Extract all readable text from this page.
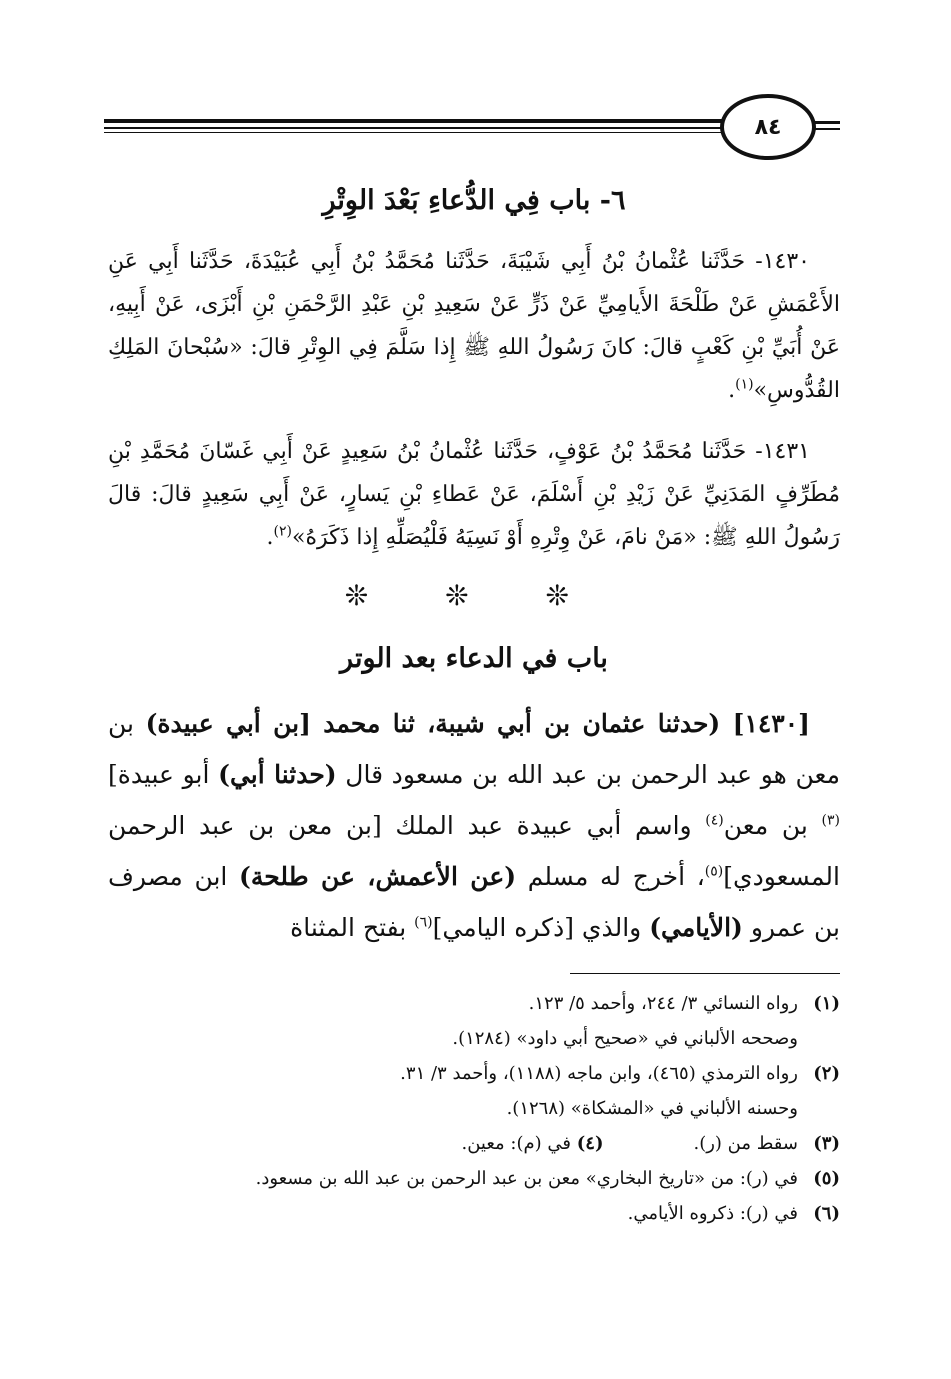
٨٤
٦- باب فِي الدُّعاءِ بَعْدَ الوِتْرِ
١٤٣٠- حَدَّثَنا عُثْمانُ بْنُ أَبِي شَيْبَةَ، حَدَّثَنا مُحَمَّدُ بْنُ أَبِي عُبَيْدَةَ، حَدَّثَنا أَبِي عَنِ الأَعْمَشِ عَنْ طَلْحَةَ الأَيامِيِّ عَنْ ذَرٍّ عَنْ سَعِيدِ بْنِ عَبْدِ الرَّحْمَنِ بْنِ أَبْزَى، عَنْ أَبِيهِ، عَنْ أُبَيِّ بْنِ كَعْبٍ قالَ: كانَ رَسُولُ اللهِ ﷺ إِذا سَلَّمَ فِي الوِتْرِ قالَ: «سُبْحانَ المَلِكِ القُدُّوسِ»$^{(١)}$.
١٤٣١- حَدَّثَنا مُحَمَّدُ بْنُ عَوْفٍ، حَدَّثَنا عُثْمانُ بْنُ سَعِيدٍ عَنْ أَبِي غَسّانَ مُحَمَّدِ بْنِ مُطَرِّفٍ المَدَنِيِّ عَنْ زَيْدِ بْنِ أَسْلَمَ، عَنْ عَطاءِ بْنِ يَسارٍ، عَنْ أَبِي سَعِيدٍ قالَ: قالَ رَسُولُ اللهِ ﷺ: «مَنْ نامَ، عَنْ وِتْرِهِ أَوْ نَسِيَهُ فَلْيُصَلِّهِ إِذا ذَكَرَهُ»$^{(٢)}$.
❊ ❊ ❊
باب في الدعاء بعد الوتر
[١٤٣٠] (حدثنا عثمان بن أبي شيبة، ثنا محمد [بن أبي عبيدة) بن معن هو عبد الرحمن بن عبد الله بن مسعود قال (حدثنا أبي) أبو عبيدة]$^{(٣)}$ بن معن$^{(٤)}$ واسم أبي عبيدة عبد الملك [بن معن بن عبد الرحمن المسعودي]$^{(٥)}$، أخرج له مسلم (عن الأعمش، عن طلحة) ابن مصرف بن عمرو (الأيامي) والذي [ذكره اليامي]$^{(٦)}$ بفتح المثناة
(١)
رواه النسائي ٣/ ٢٤٤، وأحمد ٥/ ١٢٣.
وصححه الألباني في «صحيح أبي داود» (١٢٨٤).
(٢)
رواه الترمذي (٤٦٥)، وابن ماجه (١١٨٨)، وأحمد ٣/ ٣١.
وحسنه الألباني في «المشكاة» (١٢٦٨).
(٣)
سقط من (ر).(٤) في (م): معين.
(٥)
في (ر): من «تاريخ البخاري» معن بن عبد الرحمن بن عبد الله بن مسعود.
(٦)
في (ر): ذكروه الأيامي.
